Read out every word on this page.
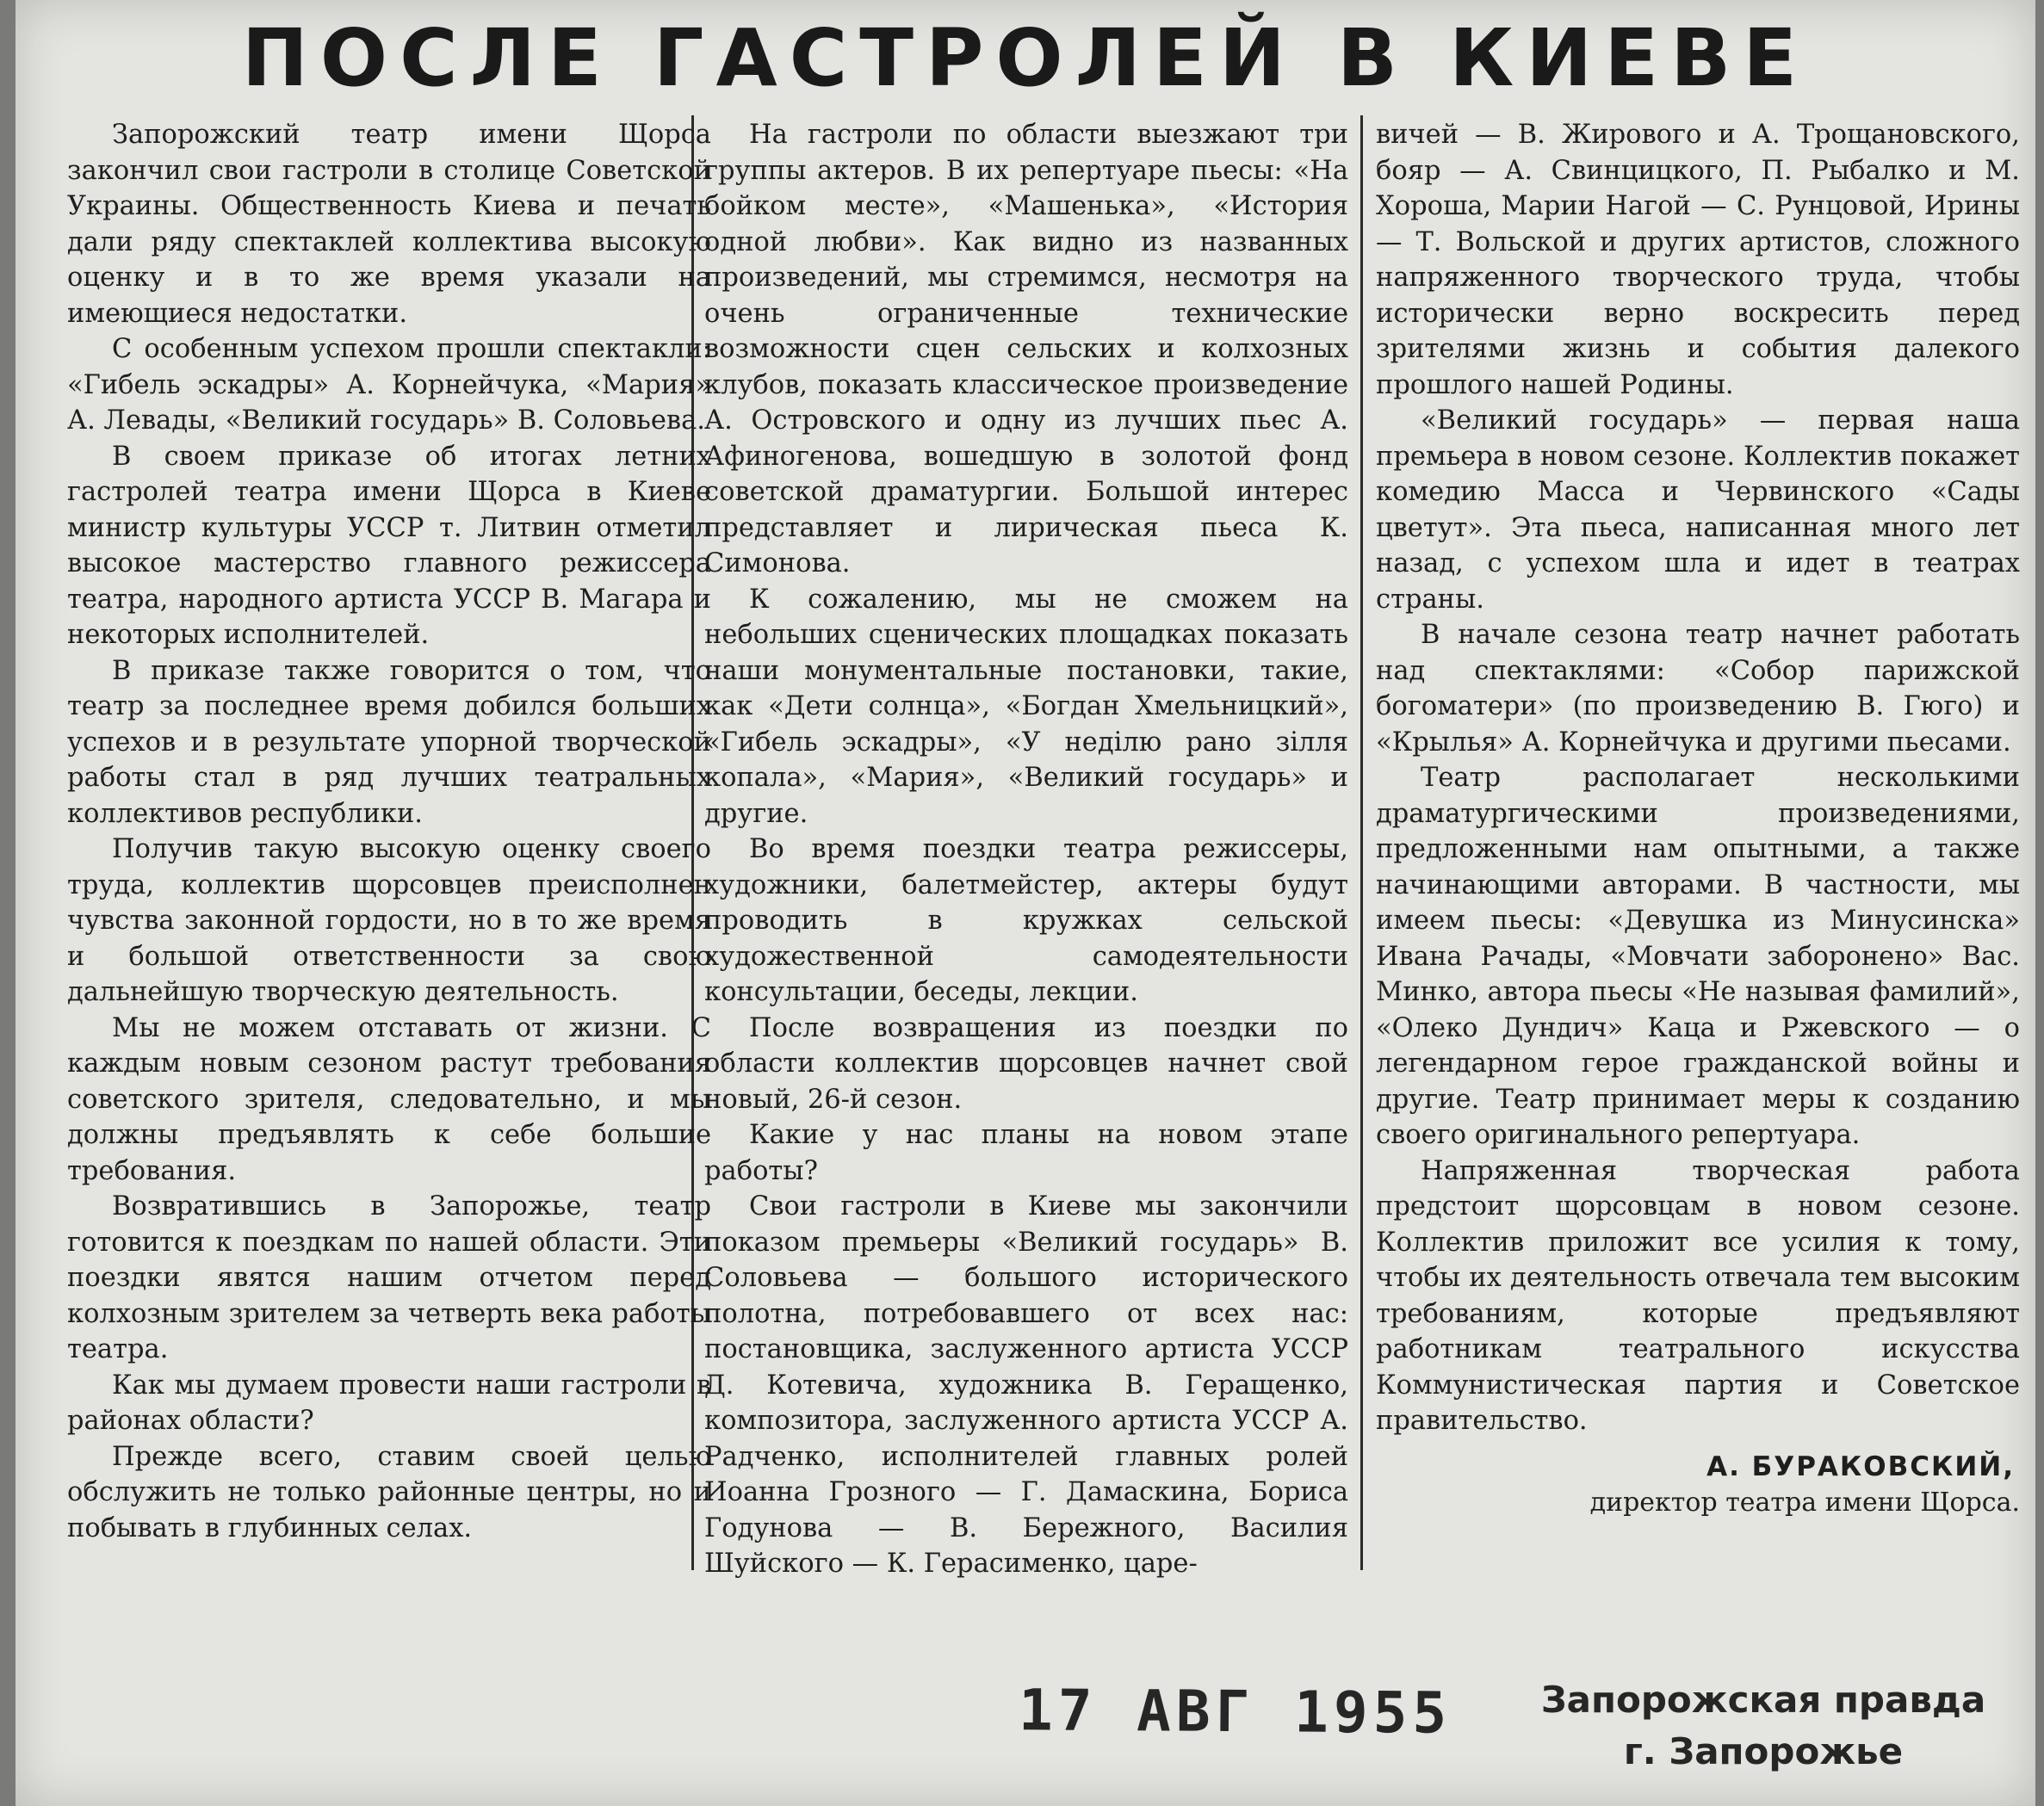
ПОСЛЕ ГАСТРОЛЕЙ В КИЕВЕ

Запорожский театр имени Щорса закончил свои гастроли в столице Советской Украины. Общественность Киева и печать дали ряду спектаклей коллектива высокую оценку и в то же время указали на имеющиеся недостатки.

С особенным успехом прошли спектакли: «Гибель эскадры» А. Корнейчука, «Мария» А. Левады, «Великий государь» В. Соловьева.

В своем приказе об итогах летних гастролей театра имени Щорса в Киеве министр культуры УССР т. Литвин отметил высокое мастерство главного режиссера театра, народного артиста УССР В. Магара и некоторых исполнителей.

В приказе также говорится о том, что театр за последнее время добился больших успехов и в результате упорной творческой работы стал в ряд лучших театральных коллективов республики.

Получив такую высокую оценку своего труда, коллектив щорсовцев преисполнен чувства законной гордости, но в то же время и большой ответственности за свою дальнейшую творческую деятельность.

Мы не можем отставать от жизни. С каждым новым сезоном растут требования советского зрителя, следовательно, и мы должны предъявлять к себе большие требования.

Возвратившись в Запорожье, театр готовится к поездкам по нашей области. Эти поездки явятся нашим отчетом перед колхозным зрителем за четверть века работы театра.

Как мы думаем провести наши гастроли в районах области?

Прежде всего, ставим своей целью обслужить не только районные центры, но и побывать в глубинных селах.

На гастроли по области выезжают три группы актеров. В их репертуаре пьесы: «На бойком месте», «Машенька», «История одной любви». Как видно из названных произведений, мы стремимся, несмотря на очень ограниченные технические возможности сцен сельских и колхозных клубов, показать классическое произведение А. Островского и одну из лучших пьес А. Афиногенова, вошедшую в золотой фонд советской драматургии. Большой интерес представляет и лирическая пьеса К. Симонова.

К сожалению, мы не сможем на небольших сценических площадках показать наши монументальные постановки, такие, как «Дети солнца», «Богдан Хмельницкий», «Гибель эскадры», «У неділю рано зілля копала», «Мария», «Великий государь» и другие.

Во время поездки театра режиссеры, художники, балетмейстер, актеры будут проводить в кружках сельской художественной самодеятельности консультации, беседы, лекции.

После возвращения из поездки по области коллектив щорсовцев начнет свой новый, 26-й сезон.

Какие у нас планы на новом этапе работы?

Свои гастроли в Киеве мы закончили показом премьеры «Великий государь» В. Соловьева — большого исторического полотна, потребовавшего от всех нас: постановщика, заслуженного артиста УССР Д. Котевича, художника В. Геращенко, композитора, заслуженного артиста УССР А. Радченко, исполнителей главных ролей Иоанна Грозного — Г. Дамаскина, Бориса Годунова — В. Бережного, Василия Шуйского — К. Герасименко, царе-

вичей — В. Жирового и А. Трощановского, бояр — А. Свинцицкого, П. Рыбалко и М. Хороша, Марии Нагой — С. Рунцовой, Ирины — Т. Вольской и других артистов, сложного напряженного творческого труда, чтобы исторически верно воскресить перед зрителями жизнь и события далекого прошлого нашей Родины.

«Великий государь» — первая наша премьера в новом сезоне. Коллектив покажет комедию Масса и Червинского «Сады цветут». Эта пьеса, написанная много лет назад, с успехом шла и идет в театрах страны.

В начале сезона театр начнет работать над спектаклями: «Собор парижской богоматери» (по произведению В. Гюго) и «Крылья» А. Корнейчука и другими пьесами.

Театр располагает несколькими драматургическими произведениями, предложенными нам опытными, а также начинающими авторами. В частности, мы имеем пьесы: «Девушка из Минусинска» Ивана Рачады, «Мовчати заборонено» Вас. Минко, автора пьесы «Не называя фамилий», «Олеко Дундич» Каца и Ржевского — о легендарном герое гражданской войны и другие. Театр принимает меры к созданию своего оригинального репертуара.

Напряженная творческая работа предстоит щорсовцам в новом сезоне. Коллектив приложит все усилия к тому, чтобы их деятельность отвечала тем высоким требованиям, которые предъявляют работникам театрального искусства Коммунистическая партия и Советское правительство.

А. БУРАКОВСКИЙ,
директор театра имени Щорса.
17 АВГ 1955 Запорожская правда
г. Запорожье
